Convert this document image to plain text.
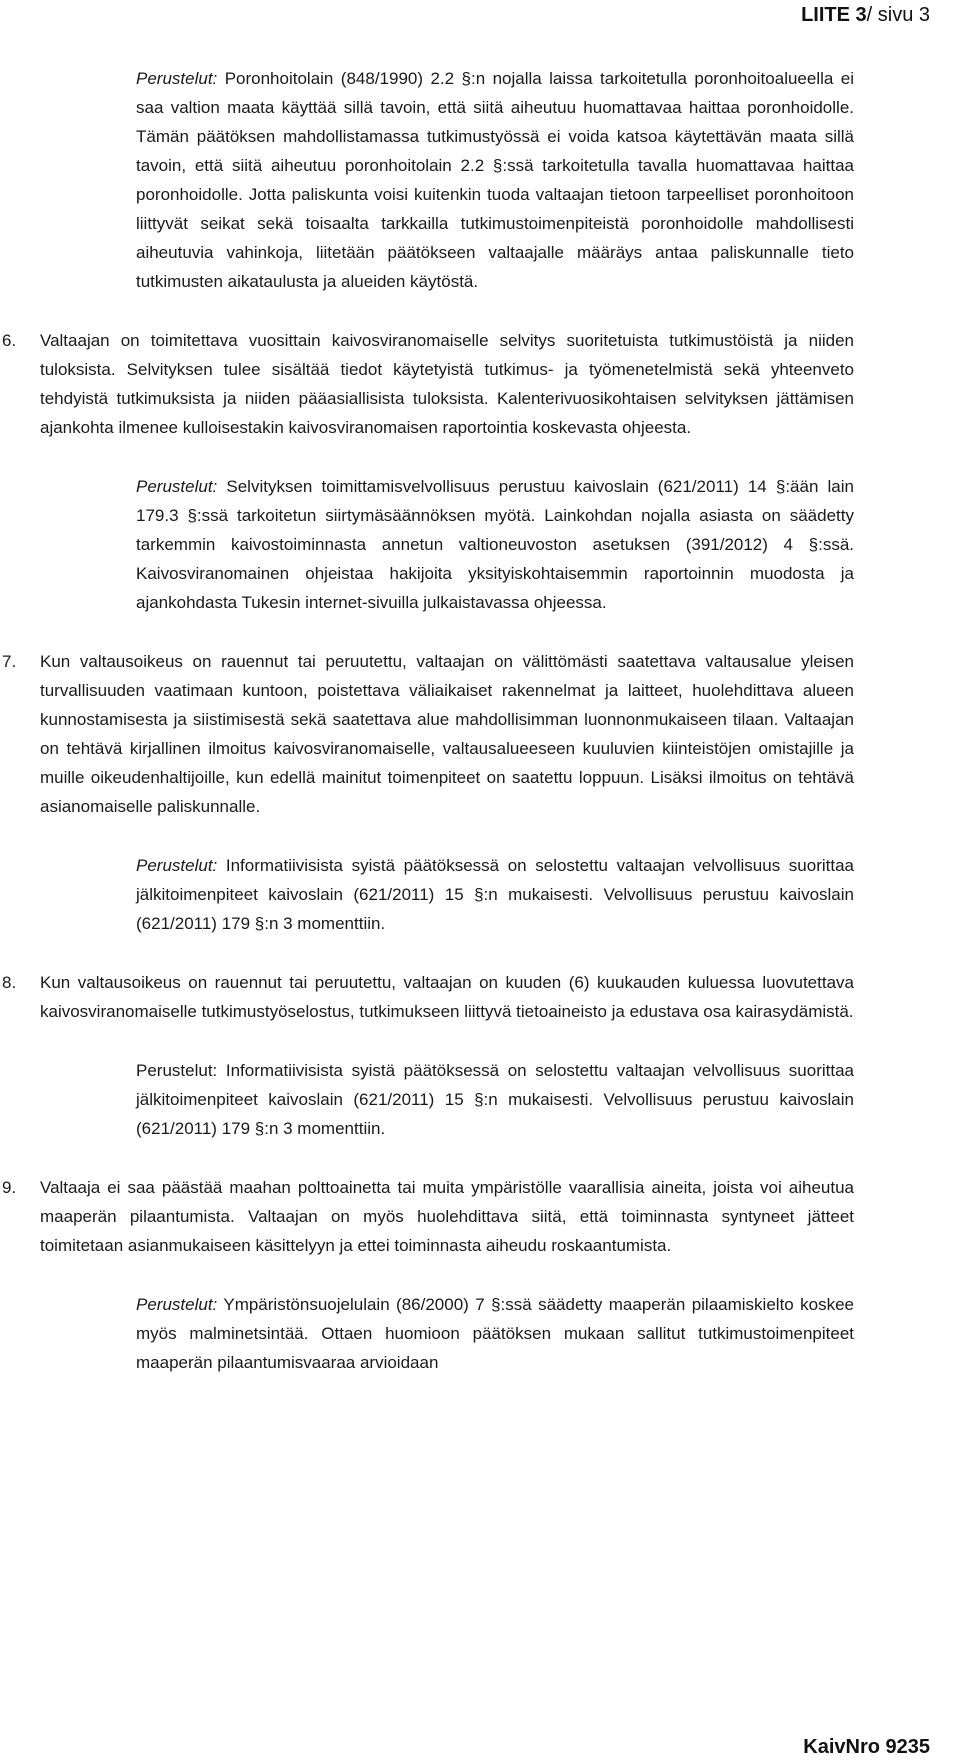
LIITE 3/ sivu 3

Perustelut: Poronhoitolain (848/1990) 2.2 §:n nojalla laissa tarkoitetulla poronhoitoalueella ei saa valtion maata käyttää sillä tavoin, että siitä aiheutuu huomattavaa haittaa poronhoidolle. Tämän päätöksen mahdollistamassa tutkimustyössä ei voida katsoa käytettävän maata sillä tavoin, että siitä aiheutuu poronhoitolain 2.2 §:ssä tarkoitetulla tavalla huomattavaa haittaa poronhoidolle. Jotta paliskunta voisi kuitenkin tuoda valtaajan tietoon tarpeelliset poronhoitoon liittyvät seikat sekä toisaalta tarkkailla tutkimustoimenpiteistä poronhoidolle mahdollisesti aiheutuvia vahinkoja, liitetään päätökseen valtaajalle määräys antaa paliskunnalle tieto tutkimusten aikataulusta ja alueiden käytöstä.

6.	Valtaajan on toimitettava vuosittain kaivosviranomaiselle selvitys suoritetuista tutkimustöistä ja niiden tuloksista. Selvityksen tulee sisältää tiedot käytetyistä tutkimus- ja työmenetelmistä sekä yhteenveto tehdyistä tutkimuksista ja niiden pääasiallisista tuloksista. Kalenterivuosikohtaisen selvityksen jättämisen ajankohta ilmenee kulloisestakin kaivosviranomaisen raportointia koskevasta ohjeesta.

Perustelut: Selvityksen toimittamisvelvollisuus perustuu kaivoslain (621/2011) 14 §:ään lain 179.3 §:ssä tarkoitetun siirtymäsäännöksen myötä. Lainkohdan nojalla asiasta on säädetty tarkemmin kaivostoiminnasta annetun valtioneuvoston asetuksen (391/2012) 4 §:ssä. Kaivosviranomainen ohjeistaa hakijoita yksityiskohtaisemmin raportoinnin muodosta ja ajankohdasta Tukesin internet-sivuilla julkaistavassa ohjeessa.

7.	Kun valtausoikeus on rauennut tai peruutettu, valtaajan on välittömästi saatettava valtausalue yleisen turvallisuuden vaatimaan kuntoon, poistettava väliaikaiset rakennelmat ja laitteet, huolehdittava alueen kunnostamisesta ja siistimisestä sekä saatettava alue mahdollisimman luonnonmukaiseen tilaan. Valtaajan on tehtävä kirjallinen ilmoitus kaivosviranomaiselle, valtausalueeseen kuuluvien kiinteistöjen omistajille ja muille oikeudenhaltijoille, kun edellä mainitut toimenpiteet on saatettu loppuun. Lisäksi ilmoitus on tehtävä asianomaiselle paliskunnalle.

Perustelut: Informatiivisista syistä päätöksessä on selostettu valtaajan velvollisuus suorittaa jälkitoimenpiteet kaivoslain (621/2011) 15 §:n mukaisesti. Velvollisuus perustuu kaivoslain (621/2011) 179 §:n 3 momenttiin.

8.	Kun valtausoikeus on rauennut tai peruutettu, valtaajan on kuuden (6) kuukauden kuluessa luovutettava kaivosviranomaiselle tutkimustyöselostus, tutkimukseen liittyvä tietoaineisto ja edustava osa kairasydämistä.

Perustelut: Informatiivisista syistä päätöksessä on selostettu valtaajan velvollisuus suorittaa jälkitoimenpiteet kaivoslain (621/2011) 15 §:n mukaisesti. Velvollisuus perustuu kaivoslain (621/2011) 179 §:n 3 momenttiin.

9.	Valtaaja ei saa päästää maahan polttoainetta tai muita ympäristölle vaarallisia aineita, joista voi aiheutua maaperän pilaantumista. Valtaajan on myös huolehdittava siitä, että toiminnasta syntyneet jätteet toimitetaan asianmukaiseen käsittelyyn ja ettei toiminnasta aiheudu roskaantumista.

Perustelut: Ympäristönsuojelulain (86/2000) 7 §:ssä säädetty maaperän pilaamiskielto koskee myös malminetsintää. Ottaen huomioon päätöksen mukaan sallitut tutkimustoimenpiteet maaperän pilaantumisvaaraa arvioidaan

KaivNro 9235
